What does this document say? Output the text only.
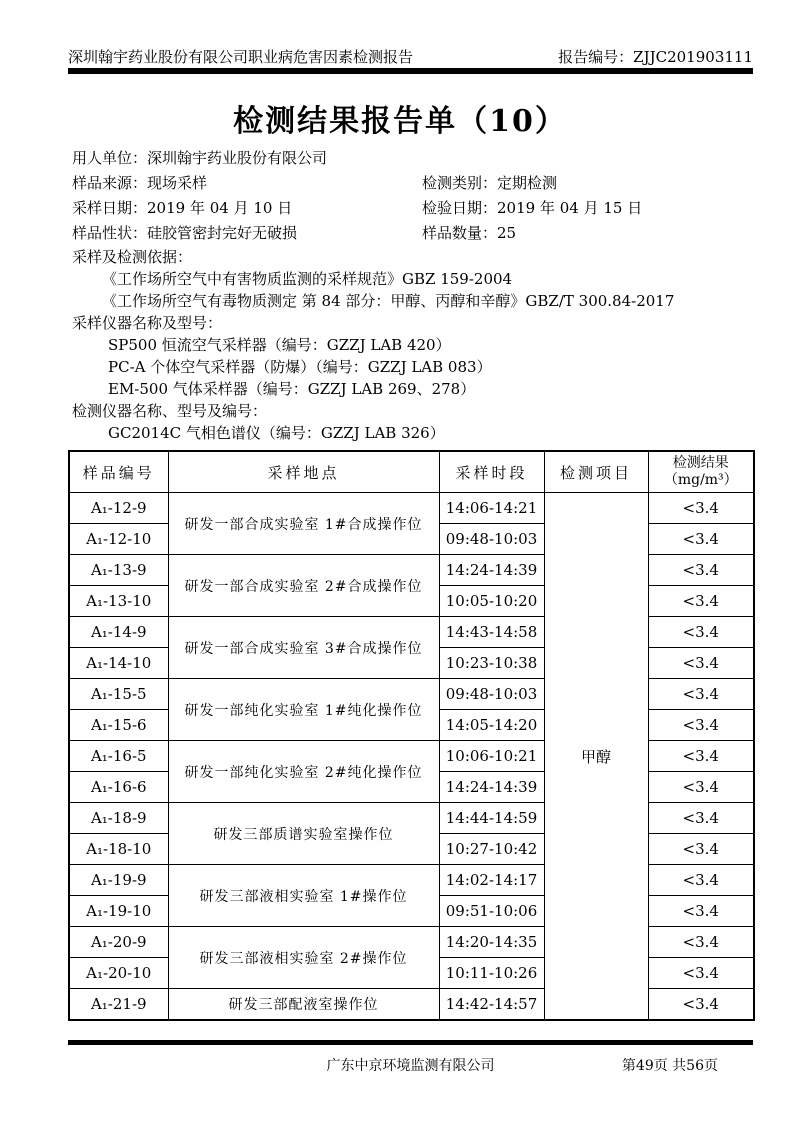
深圳翰宇药业股份有限公司职业病危害因素检测报告	报告编号：ZJJC201903111
检测结果报告单（10）
用人单位：深圳翰宇药业股份有限公司
样品来源：现场采样	检测类别：定期检测
采样日期：2019 年 04 月 10 日	检验日期：2019 年 04 月 15 日
样品性状：硅胶管密封完好无破损	样品数量：25
采样及检测依据：
《工作场所空气中有害物质监测的采样规范》GBZ 159-2004
《工作场所空气有毒物质测定 第 84 部分：甲醇、丙醇和辛醇》GBZ/T 300.84-2017
采样仪器名称及型号：
SP500 恒流空气采样器（编号：GZZJ LAB 420）
PC-A 个体空气采样器（防爆）（编号：GZZJ LAB 083）
EM-500 气体采样器（编号：GZZJ LAB 269、278）
检测仪器名称、型号及编号：
GC2014C 气相色谱仪（编号：GZZJ LAB 326）
样品编号	采样地点	采样时段	检测项目	检测结果
（mg/m³）

A₁-12-9	研发一部合成实验室 1#合成操作位	14:06-14:21	甲醇	<3.4
A₁-12-10		09:48-10:03		<3.4
A₁-13-9	研发一部合成实验室 2#合成操作位	14:24-14:39		<3.4
A₁-13-10		10:05-10:20		<3.4
A₁-14-9	研发一部合成实验室 3#合成操作位	14:43-14:58		<3.4
A₁-14-10		10:23-10:38		<3.4
A₁-15-5	研发一部纯化实验室 1#纯化操作位	09:48-10:03		<3.4
A₁-15-6		14:05-14:20		<3.4
A₁-16-5	研发一部纯化实验室 2#纯化操作位	10:06-10:21		<3.4
A₁-16-6		14:24-14:39		<3.4
A₁-18-9	研发三部质谱实验室操作位	14:44-14:59		<3.4
A₁-18-10		10:27-10:42		<3.4
A₁-19-9	研发三部液相实验室 1#操作位	14:02-14:17		<3.4
A₁-19-10		09:51-10:06		<3.4
A₁-20-9	研发三部液相实验室 2#操作位	14:20-14:35		<3.4
A₁-20-10		10:11-10:26		<3.4
A₁-21-9	研发三部配液室操作位	14:42-14:57		<3.4
广东中京环境监测有限公司	第49页 共56页
